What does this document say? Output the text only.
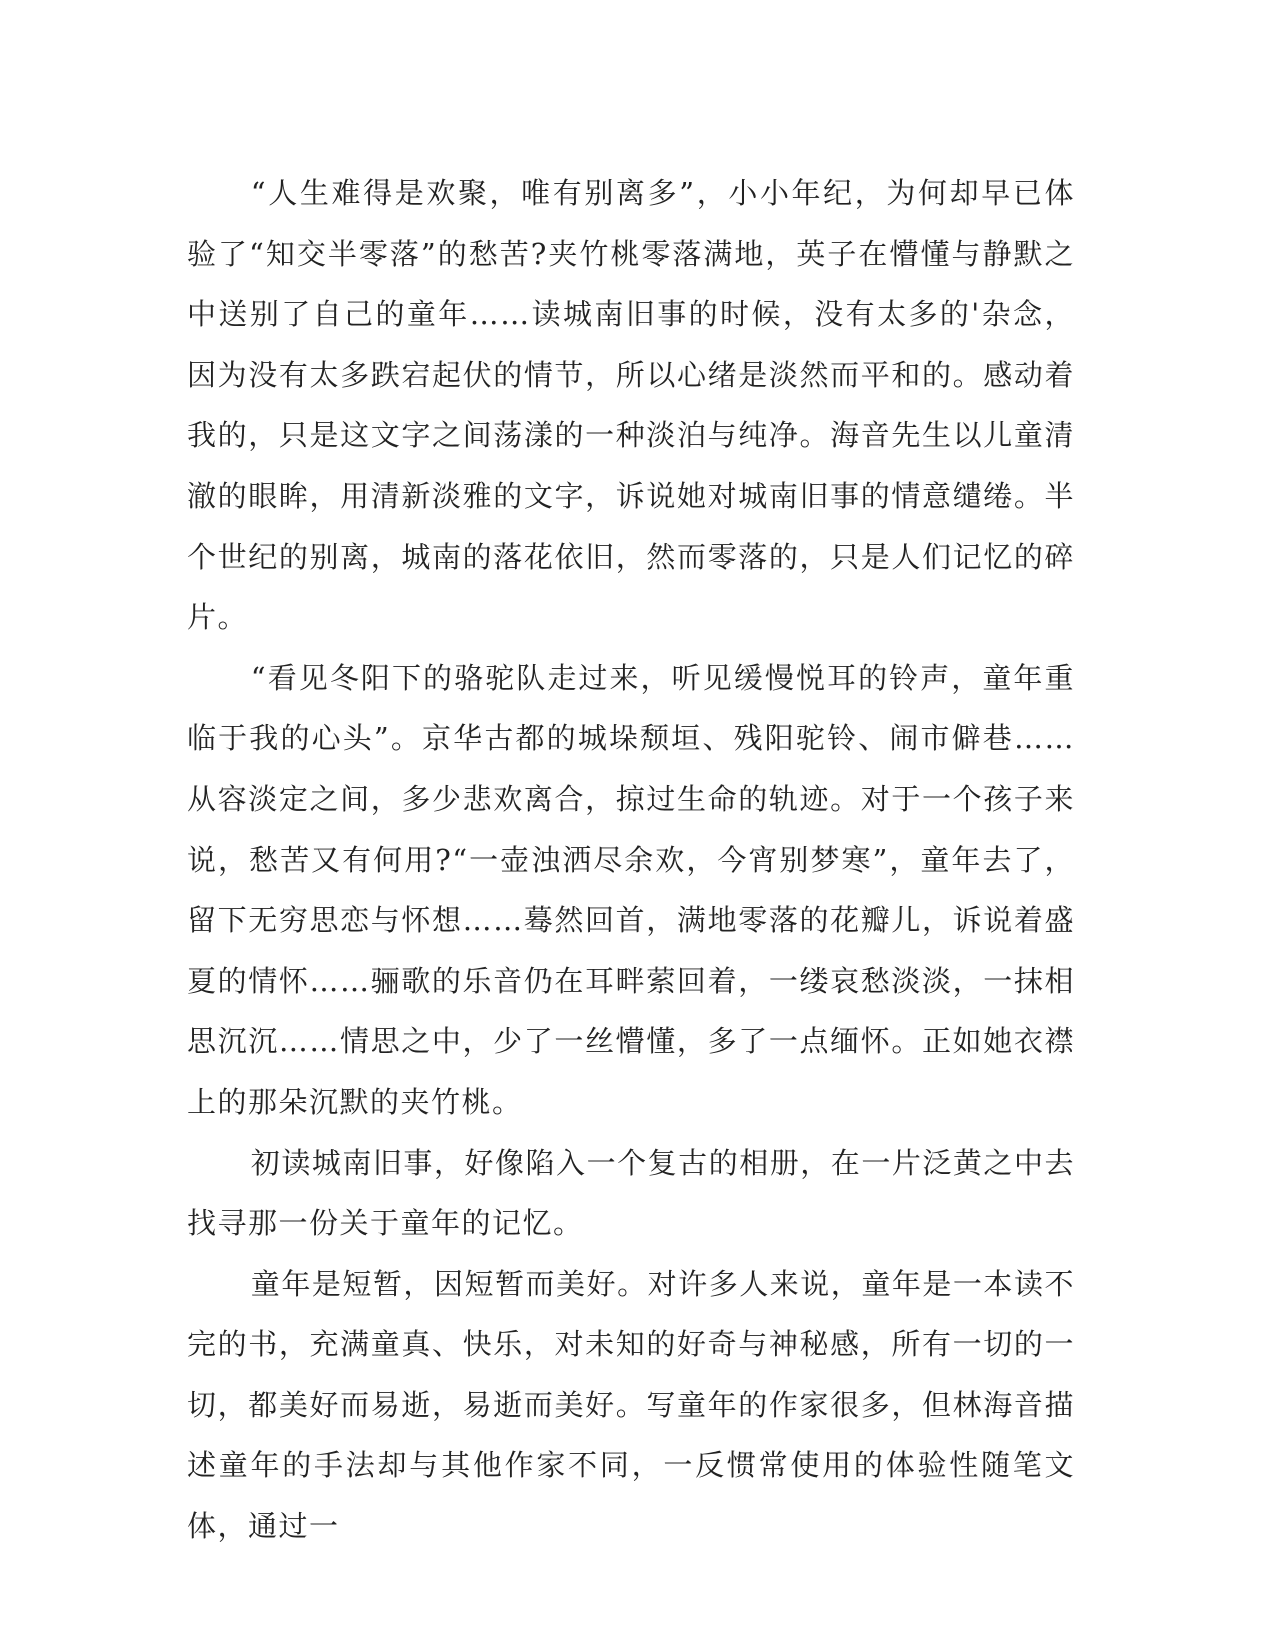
“人生难得是欢聚，唯有别离多”，小小年纪，为何却早已体验了“知交半零落”的愁苦?夹竹桃零落满地，英子在懵懂与静默之中送别了自己的童年……读城南旧事的时候，没有太多的'杂念，因为没有太多跌宕起伏的情节，所以心绪是淡然而平和的。感动着我的，只是这文字之间荡漾的一种淡泊与纯净。海音先生以儿童清澈的眼眸，用清新淡雅的文字，诉说她对城南旧事的情意缱绻。半个世纪的别离，城南的落花依旧，然而零落的，只是人们记忆的碎片。

“看见冬阳下的骆驼队走过来，听见缓慢悦耳的铃声，童年重临于我的心头”。京华古都的城垛颓垣、残阳驼铃、闹市僻巷……从容淡定之间，多少悲欢离合，掠过生命的轨迹。对于一个孩子来说，愁苦又有何用?“一壶浊洒尽余欢，今宵别梦寒”，童年去了，留下无穷思恋与怀想……蓦然回首，满地零落的花瓣儿，诉说着盛夏的情怀……骊歌的乐音仍在耳畔萦回着，一缕哀愁淡淡，一抹相思沉沉……情思之中，少了一丝懵懂，多了一点缅怀。正如她衣襟上的那朵沉默的夹竹桃。

初读城南旧事，好像陷入一个复古的相册，在一片泛黄之中去找寻那一份关于童年的记忆。

童年是短暂，因短暂而美好。对许多人来说，童年是一本读不完的书，充满童真、快乐，对未知的好奇与神秘感，所有一切的一切，都美好而易逝，易逝而美好。写童年的作家很多，但林海音描述童年的手法却与其他作家不同，一反惯常使用的体验性随笔文体，通过一
